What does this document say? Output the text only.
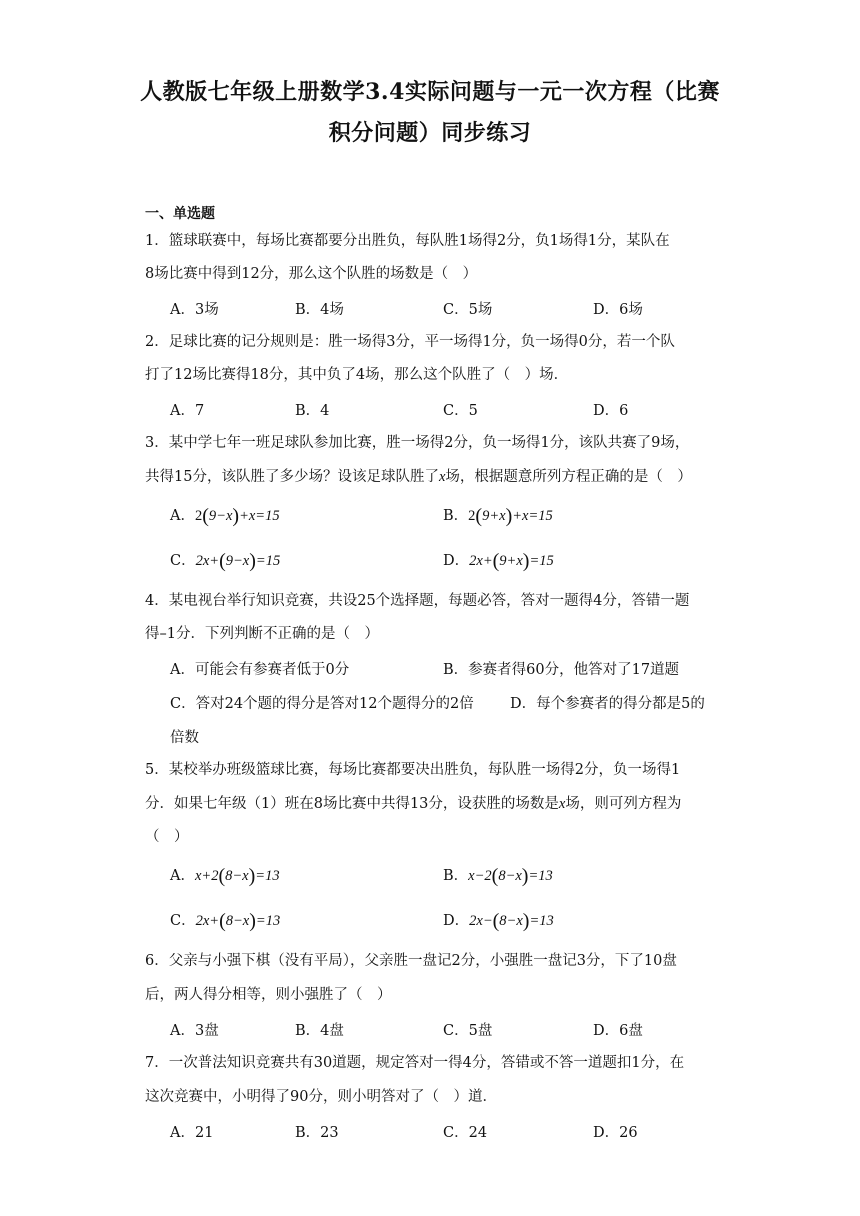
人教版七年级上册数学3.4实际问题与一元一次方程（比赛
积分问题）同步练习
一、单选题
1．篮球联赛中，每场比赛都要分出胜负，每队胜1场得2分，负1场得1分，某队在
8场比赛中得到12分，那么这个队胜的场数是（　）
A．3场	B．4场	C．5场	D．6场
2．足球比赛的记分规则是：胜一场得3分，平一场得1分，负一场得0分，若一个队
打了12场比赛得18分，其中负了4场，那么这个队胜了（　）场．
A．7	B．4	C．5	D．6
3．某中学七年一班足球队参加比赛，胜一场得2分，负一场得1分，该队共赛了9场，
共得15分，该队胜了多少场？设该足球队胜了x场，根据题意所列方程正确的是（　）
A．2(9−x)+x=15	B．2(9+x)+x=15
C．2x+(9−x)=15	D．2x+(9+x)=15
4．某电视台举行知识竞赛，共设25个选择题，每题必答，答对一题得4分，答错一题
得–1分．下列判断不正确的是（　）
A．可能会有参赛者低于0分	B．参赛者得60分，他答对了17道题
C．答对24个题的得分是答对12个题得分的2倍	D．每个参赛者的得分都是5的
倍数
5．某校举办班级篮球比赛，每场比赛都要决出胜负，每队胜一场得2分，负一场得1
分．如果七年级（1）班在8场比赛中共得13分，设获胜的场数是x场，则可列方程为
（　）
A．x+2(8−x)=13	B．x−2(8−x)=13
C．2x+(8−x)=13	D．2x−(8−x)=13
6．父亲与小强下棋（没有平局），父亲胜一盘记2分，小强胜一盘记3分，下了10盘
后，两人得分相等，则小强胜了（　）
A．3盘	B．4盘	C．5盘	D．6盘
7．一次普法知识竞赛共有30道题，规定答对一得4分，答错或不答一道题扣1分，在
这次竞赛中，小明得了90分，则小明答对了（　）道．
A．21	B．23	C．24	D．26
